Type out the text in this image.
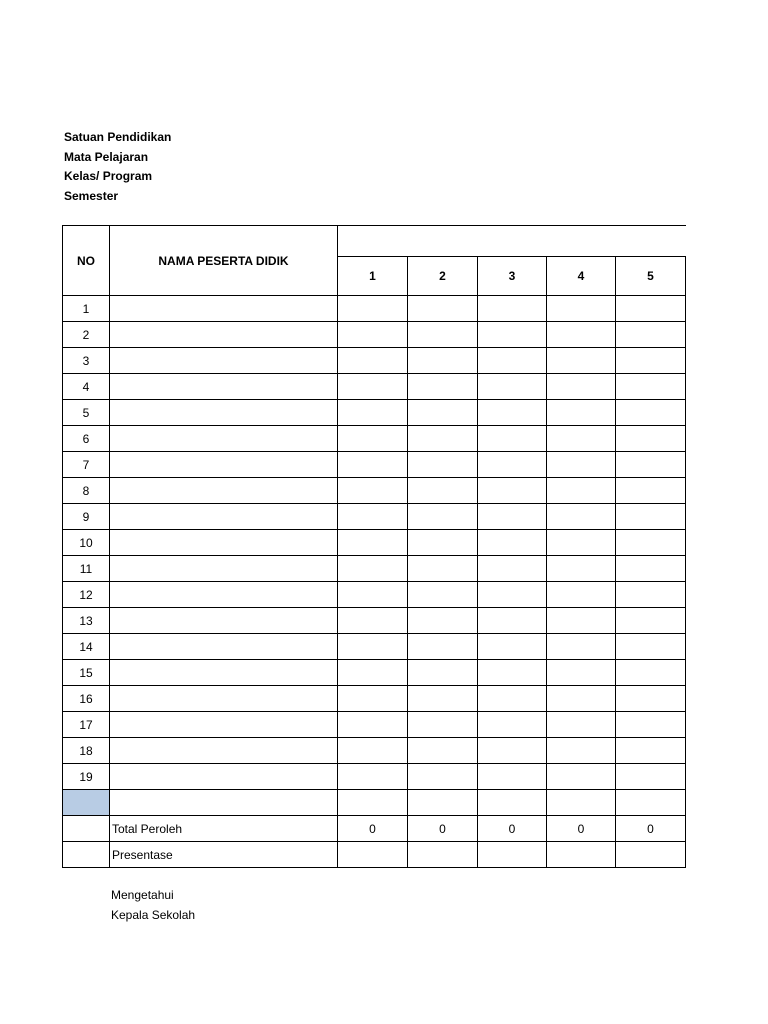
Satuan Pendidikan
Mata Pelajaran
Kelas/ Program
Semester
NO	NAMA PESERTA DIDIK					
		1	2	3	4	5
1						
2						
3						
4						
5						
6						
7						
8						
9						
10						
11						
12						
13						
14						
15						
16						
17						
18						
19						

	Total Peroleh	0	0	0	0	0
	Presentase					
Mengetahui
Kepala Sekolah
